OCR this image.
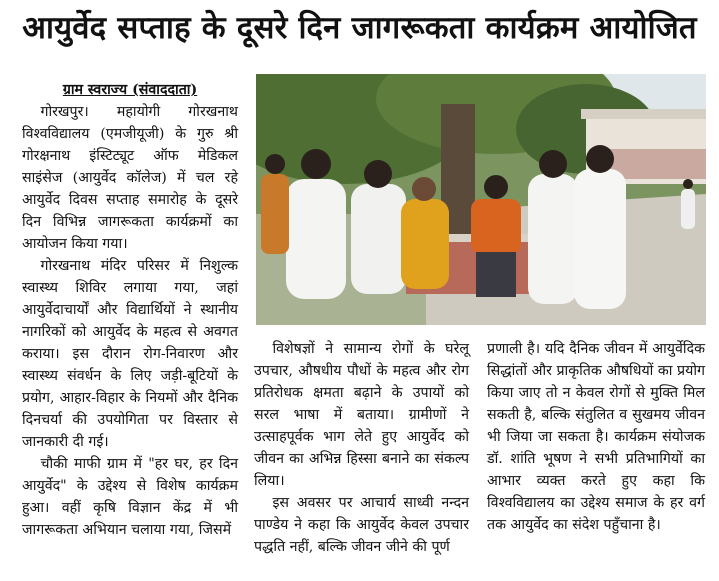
आयुर्वेद सप्ताह के दूसरे दिन जागरूकता कार्यक्रम आयोजित

ग्राम स्वराज्य (संवाददाता)

गोरखपुर। महायोगी गोरखनाथ विश्वविद्यालय (एमजीयूजी) के गुरु श्री गोरक्षनाथ इंस्टिट्यूट ऑफ मेडिकल साइंसेज (आयुर्वेद कॉलेज) में चल रहे आयुर्वेद दिवस सप्ताह समारोह के दूसरे दिन विभिन्न जागरूकता कार्यक्रमों का आयोजन किया गया।

गोरखनाथ मंदिर परिसर में निशुल्क स्वास्थ्य शिविर लगाया गया, जहां आयुर्वेदाचार्यों और विद्यार्थियों ने स्थानीय नागरिकों को आयुर्वेद के महत्व से अवगत कराया। इस दौरान रोग-निवारण और स्वास्थ्य संवर्धन के लिए जड़ी-बूटियों के प्रयोग, आहार-विहार के नियमों और दैनिक दिनचर्या की उपयोगिता पर विस्तार से जानकारी दी गई।

चौकी माफी ग्राम में "हर घर, हर दिन आयुर्वेद" के उद्देश्य से विशेष कार्यक्रम हुआ। वहीं कृषि विज्ञान केंद्र में भी जागरूकता अभियान चलाया गया, जिसमें

विशेषज्ञों ने सामान्य रोगों के घरेलू उपचार, औषधीय पौधों के महत्व और रोग प्रतिरोधक क्षमता बढ़ाने के उपायों को सरल भाषा में बताया। ग्रामीणों ने उत्साहपूर्वक भाग लेते हुए आयुर्वेद को जीवन का अभिन्न हिस्सा बनाने का संकल्प लिया।

इस अवसर पर आचार्य साध्वी नन्दन पाण्डेय ने कहा कि आयुर्वेद केवल उपचार पद्धति नहीं, बल्कि जीवन जीने की पूर्ण

प्रणाली है। यदि दैनिक जीवन में आयुर्वेदिक सिद्धांतों और प्राकृतिक औषधियों का प्रयोग किया जाए तो न केवल रोगों से मुक्ति मिल सकती है, बल्कि संतुलित व सुखमय जीवन भी जिया जा सकता है। कार्यक्रम संयोजक डॉ. शांति भूषण ने सभी प्रतिभागियों का आभार व्यक्त करते हुए कहा कि विश्वविद्यालय का उद्देश्य समाज के हर वर्ग तक आयुर्वेद का संदेश पहुँचाना है।
